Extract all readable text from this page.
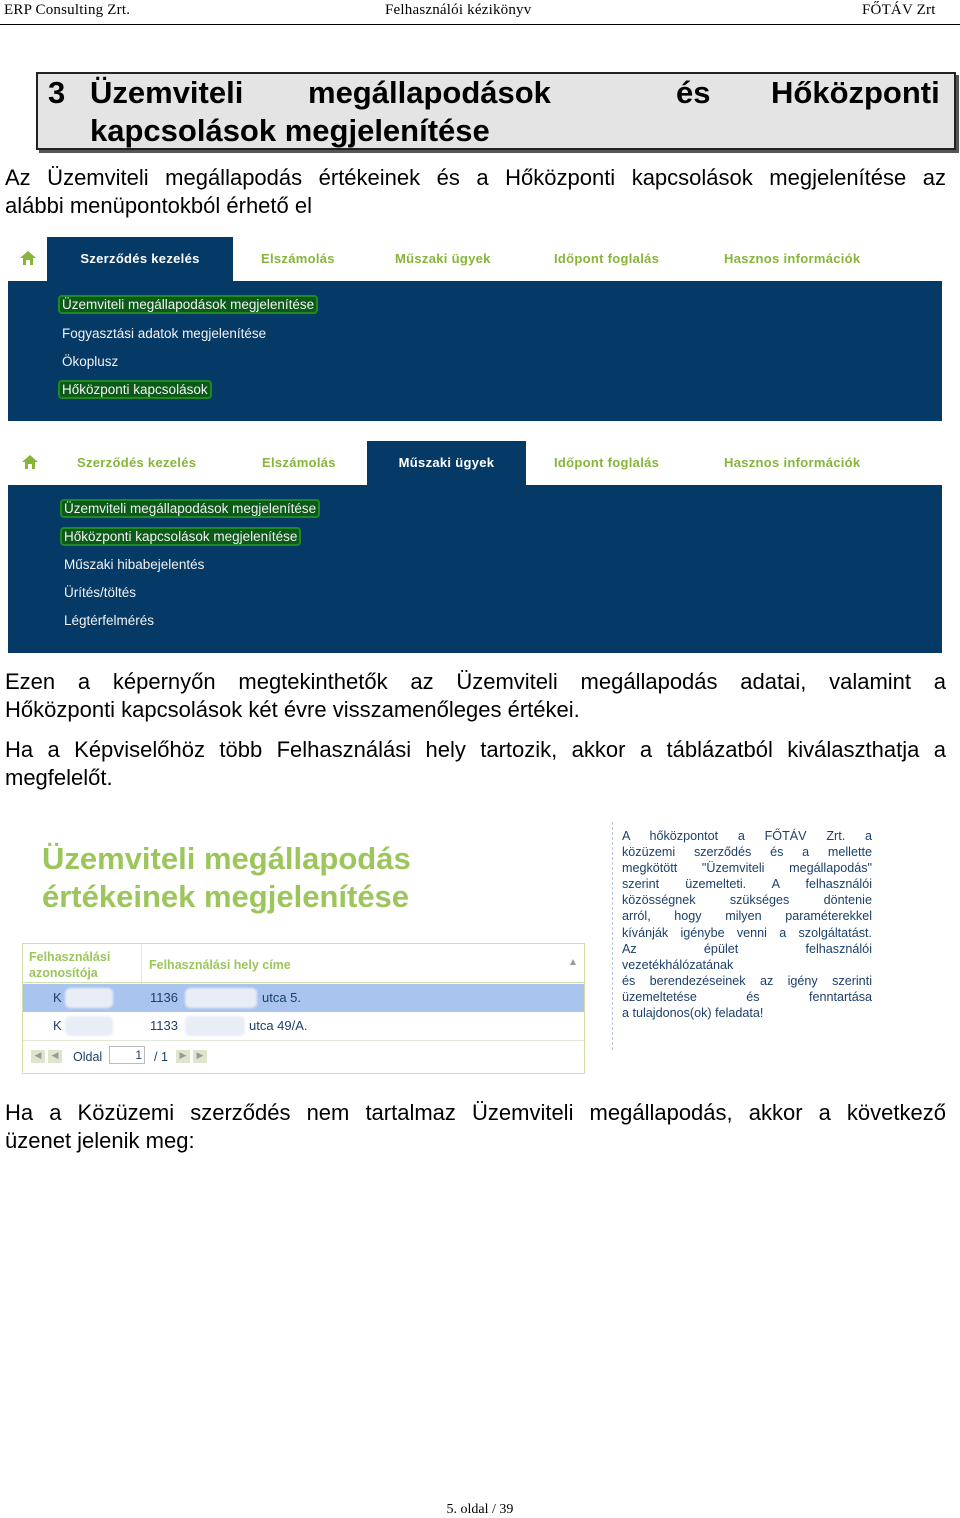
ERP Consulting Zrt.	Felhasználói kézikönyv	FŐTÁV Zrt
3 Üzemviteli megállapodások	és Hőközponti
kapcsolások megjelenítése
Az Üzemviteli megállapodás értékeinek és a Hőközponti kapcsolások megjelenítése az
alábbi menüpontokból érhető el
Szerződés kezelés	Elszámolás	Műszaki ügyek	Időpont foglalás	Hasznos információk
Üzemviteli megállapodások megjelenítése
Fogyasztási adatok megjelenítése
Ökoplusz
Hőközponti kapcsolások
Szerződés kezelés	Elszámolás	Műszaki ügyek	Időpont foglalás	Hasznos információk
Üzemviteli megállapodások megjelenítése
Hőközponti kapcsolások megjelenítése
Műszaki hibabejelentés
Ürítés/töltés
Légtérfelmérés
Ezen a képernyőn megtekinthetők az Üzemviteli megállapodás adatai, valamint a
Hőközponti kapcsolások két évre visszamenőleges értékei.
Ha a Képviselőhöz több Felhasználási hely tartozik, akkor a táblázatból kiválaszthatja a
megfelelőt.
Üzemviteli megállapodás
értékeinek megjelenítése
Felhasználási
azonosítója
Felhasználási hely címe	▲

K	1136	utca 5.
K	1133	utca 49/A.
◀	◀ Oldal
1	/ 1	▶	▶
A hőközpontot a FŐTÁV Zrt. a
közüzemi szerződés és a mellette
megkötött "Üzemviteli megállapodás"
szerint üzemelteti. A felhasználói
közösségnek szükséges döntenie
arról, hogy milyen paraméterekkel
kívánják igénybe venni a szolgáltatást.
Az épület felhasználói
vezetékhálózatának
és berendezéseinek az igény szerinti
üzemeltetése és fenntartása
a tulajdonos(ok) feladata!
Ha a Közüzemi szerződés nem tartalmaz Üzemviteli megállapodás, akkor a következő
üzenet jelenik meg:
5. oldal / 39
